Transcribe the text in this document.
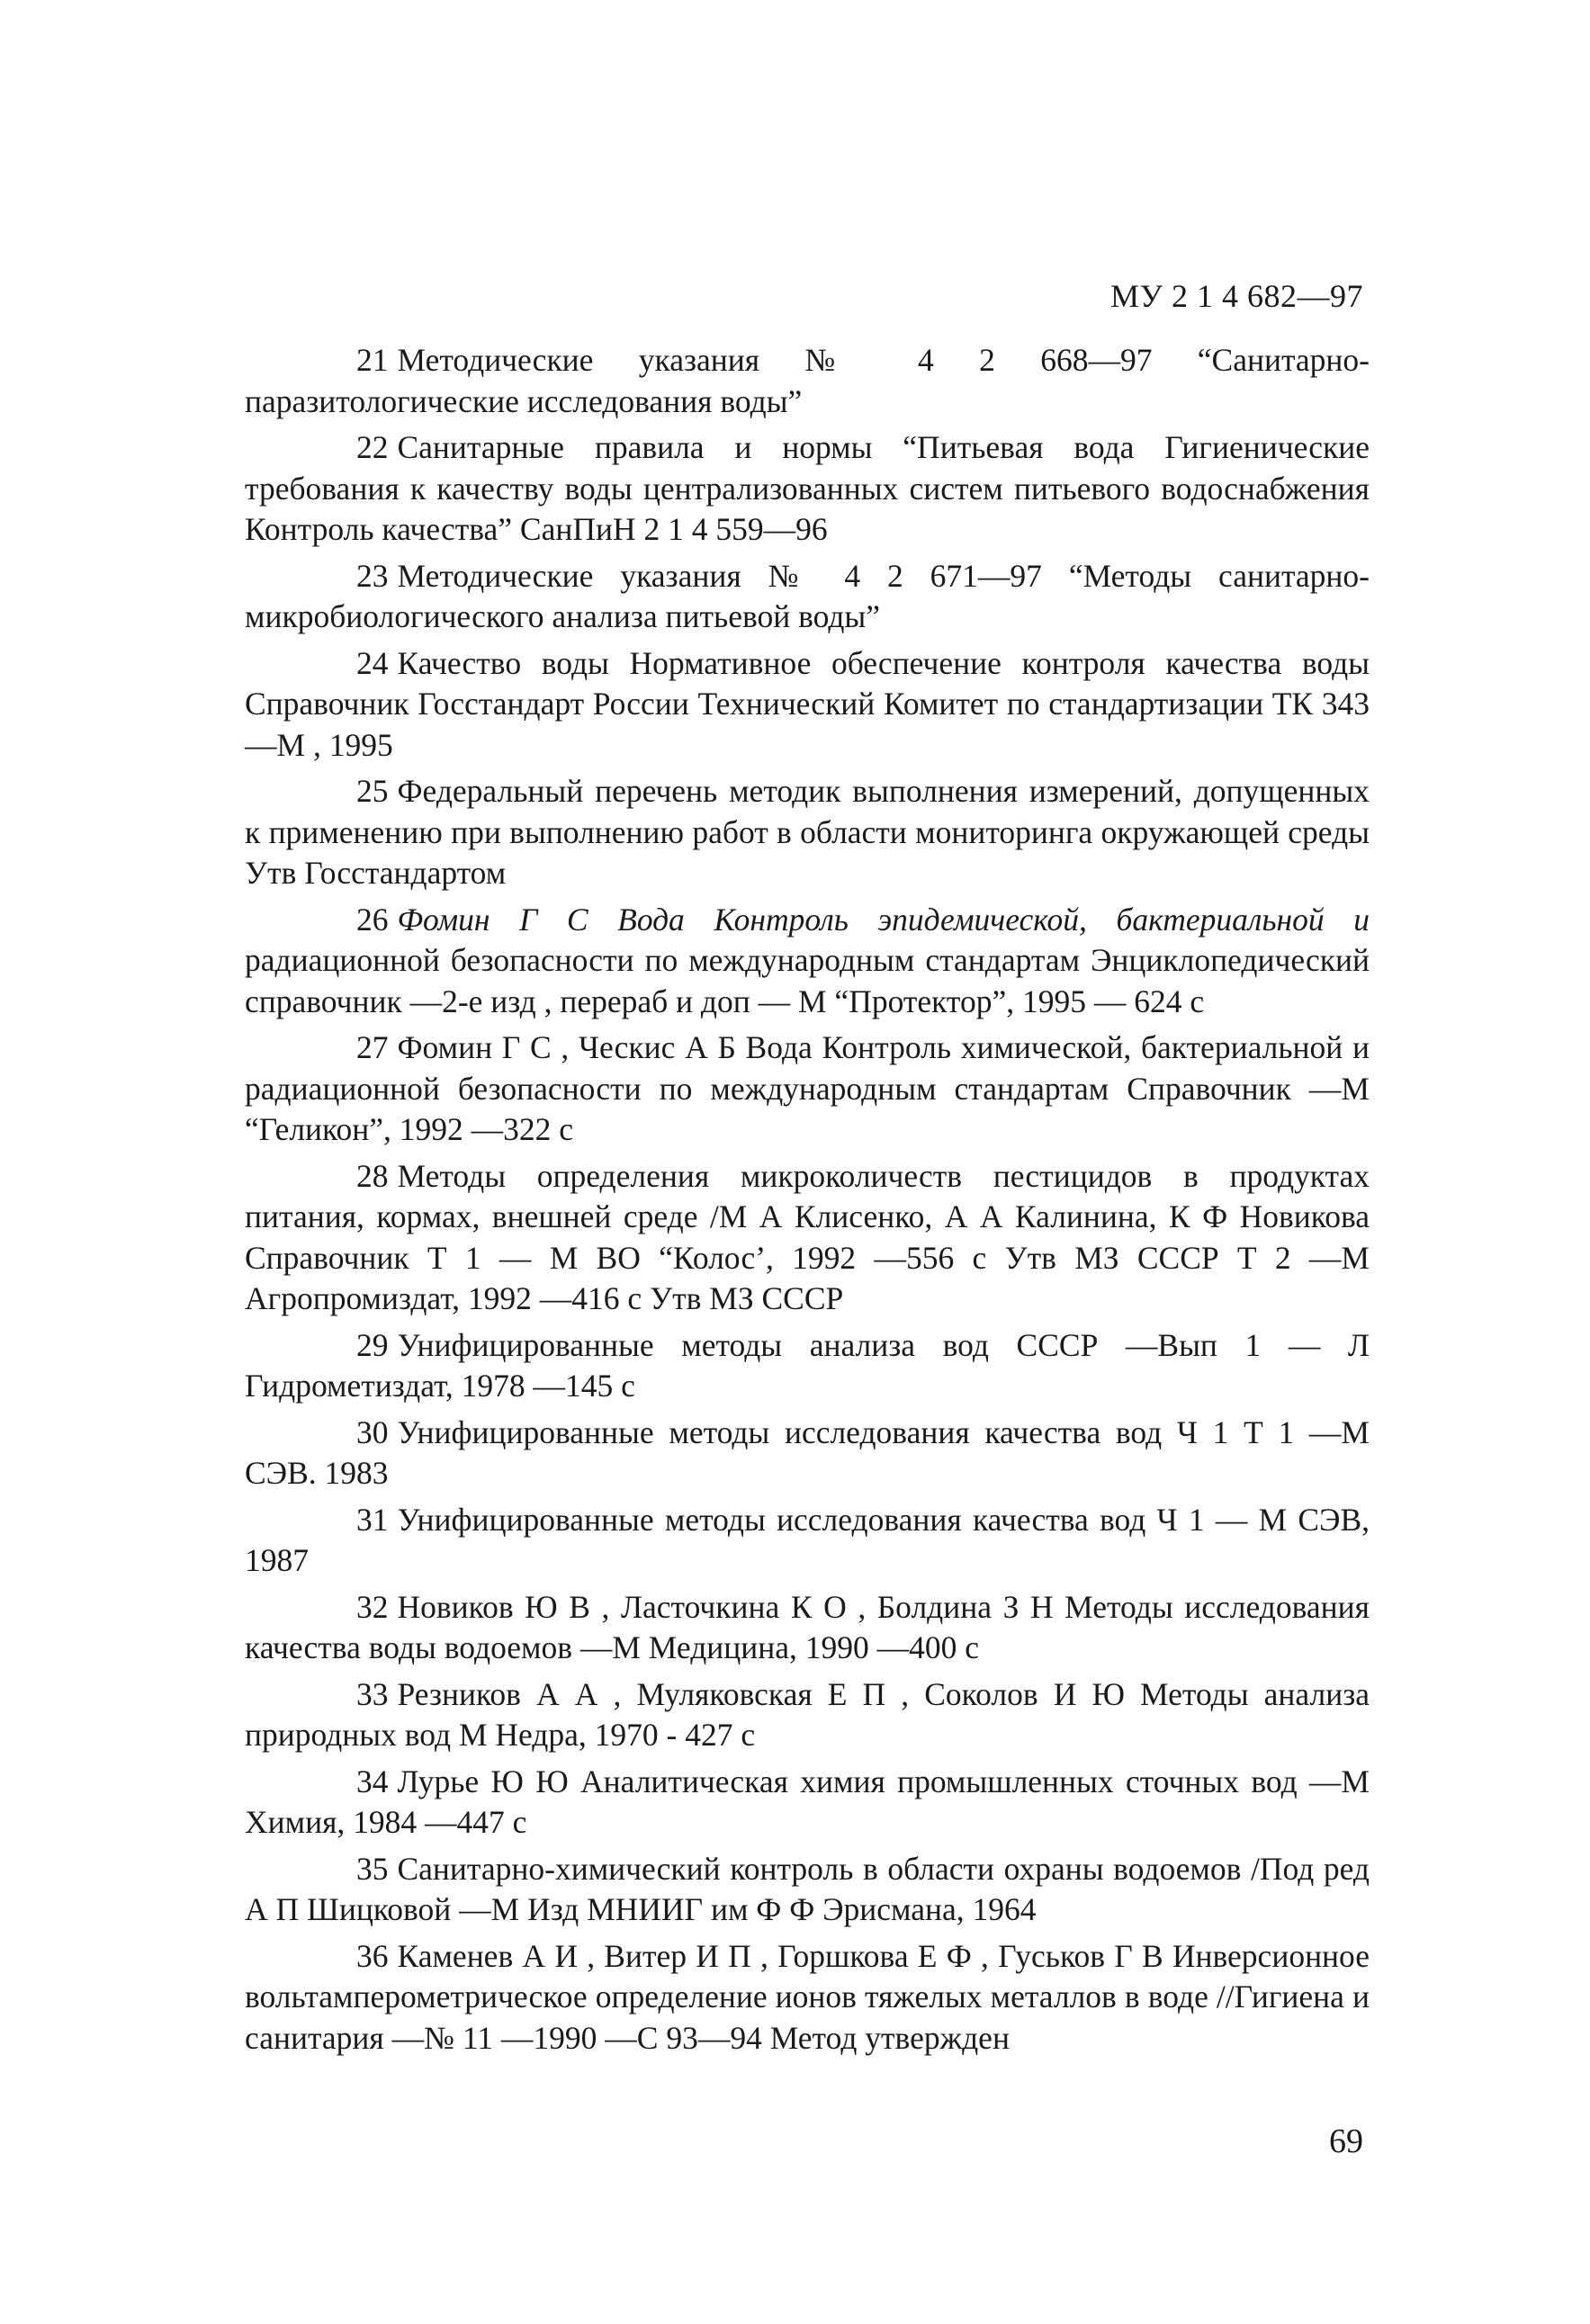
МУ 2 1 4 682—97

21 Методические указания № 4 2 668—97 “Санитарно-паразитологические исследования воды”

22 Санитарные правила и нормы “Питьевая вода Гигиенические требования к качеству воды централизованных систем питьевого водоснабжения Контроль качества” СанПиН 2 1 4 559—96

23 Методические указания № 4 2 671—97 “Методы санитарно-микробиологического анализа питьевой воды”

24 Качество воды Нормативное обеспечение контроля качества воды Справочник Госстандарт России Технический Комитет по стандартизации ТК 343 —М , 1995

25 Федеральный перечень методик выполнения измерений, допущенных к применению при выполнению работ в области мониторинга окружающей среды Утв Госстандартом

26 Фомин Г С Вода Контроль эпидемической, бактериальной и радиационной безопасности по международным стандартам Энциклопедический справочник —2-е изд , перераб и доп — М “Протектор”, 1995 — 624 с

27 Фомин Г С , Ческис А Б Вода Контроль химической, бактериальной и радиационной безопасности по международным стандартам Справочник —М “Геликон”, 1992 —322 с

28 Методы определения микроколичеств пестицидов в продуктах питания, кормах, внешней среде /М А Клисенко, А А Калинина, К Ф Новикова Справочник Т 1 — М ВО “Колос’, 1992 —556 с Утв МЗ СССР Т 2 —М Агропромиздат, 1992 —416 с Утв МЗ СССР

29 Унифицированные методы анализа вод СССР —Вып 1 — Л Гидрометиздат, 1978 —145 с

30 Унифицированные методы исследования качества вод Ч 1 Т 1 —М СЭВ. 1983

31 Унифицированные методы исследования качества вод Ч 1 — М СЭВ, 1987

32 Новиков Ю В , Ласточкина К О , Болдина З Н Методы исследования качества воды водоемов —М Медицина, 1990 —400 с

33 Резников А А , Муляковская Е П , Соколов И Ю Методы анализа природных вод М Недра, 1970 - 427 с

34 Лурье Ю Ю Аналитическая химия промышленных сточных вод —М Химия, 1984 —447 с

35 Санитарно-химический контроль в области охраны водоемов /Под ред А П Шицковой —М Изд МНИИГ им Ф Ф Эрисмана, 1964

36 Каменев А И , Витер И П , Горшкова Е Ф , Гуськов Г В Инверсионное вольтамперометрическое определение ионов тяжелых металлов в воде //Гигиена и санитария —№ 11 —1990 —С 93—94 Метод утвержден

69
